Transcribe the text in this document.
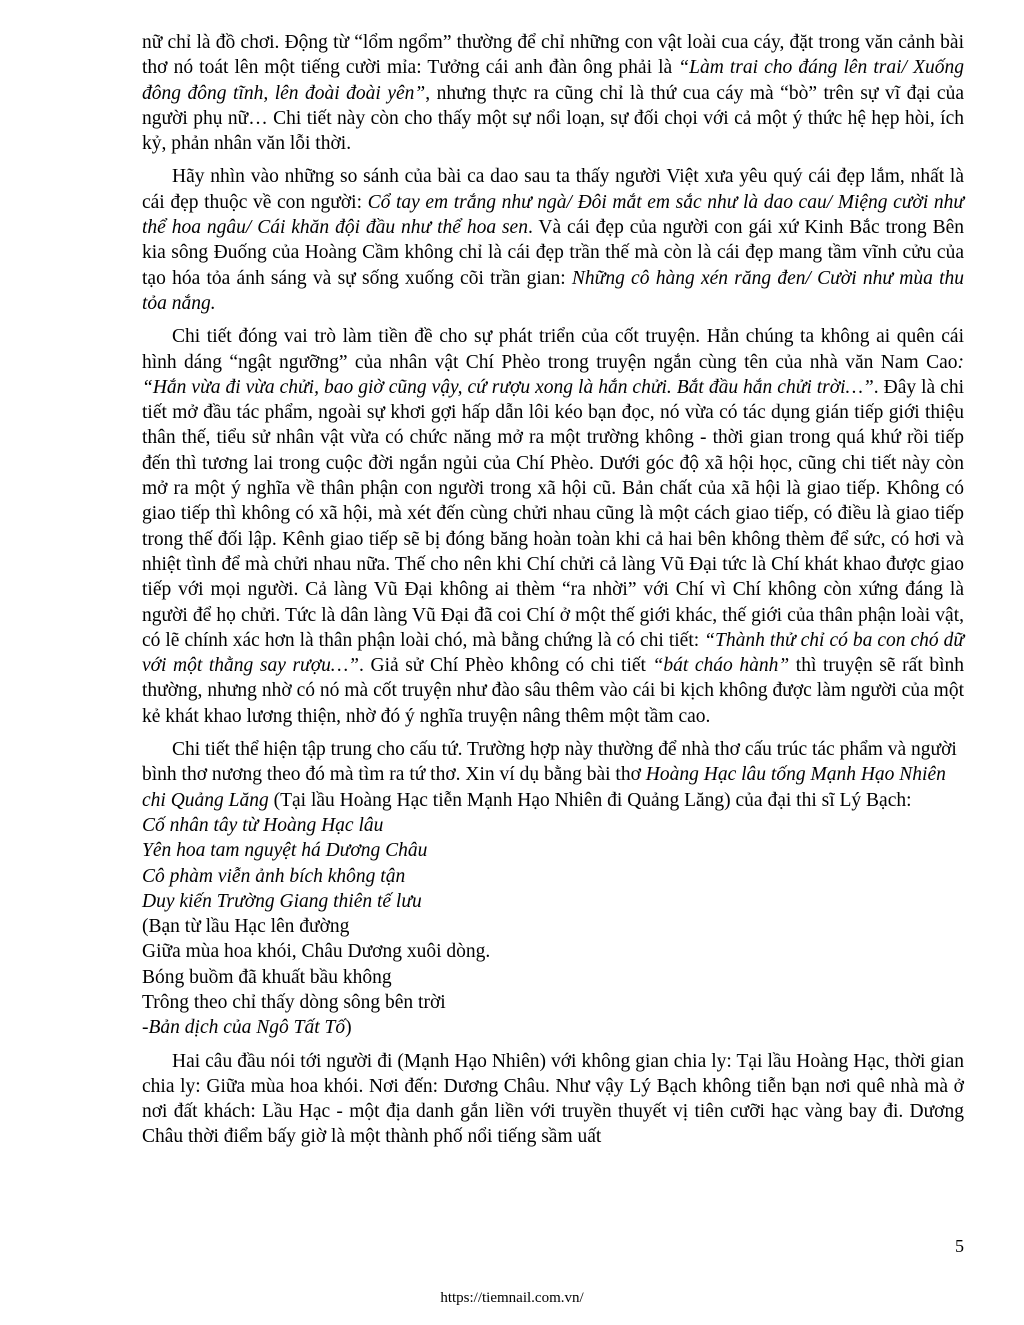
nữ chỉ là đồ chơi. Động từ “lổm ngổm” thường để chỉ những con vật loài cua cáy, đặt trong văn cảnh bài thơ nó toát lên một tiếng cười mỉa: Tưởng cái anh đàn ông phải là “Làm trai cho đáng lên trai/ Xuống đông đông tĩnh, lên đoài đoài yên”, nhưng thực ra cũng chỉ là thứ cua cáy mà “bò” trên sự vĩ đại của người phụ nữ… Chi tiết này còn cho thấy một sự nổi loạn, sự đối chọi với cả một ý thức hệ hẹp hòi, ích kỷ, phản nhân văn lỗi thời.

Hãy nhìn vào những so sánh của bài ca dao sau ta thấy người Việt xưa yêu quý cái đẹp lắm, nhất là cái đẹp thuộc về con người: Cổ tay em trắng như ngà/ Đôi mắt em sắc như là dao cau/ Miệng cười như thể hoa ngâu/ Cái khăn đội đầu như thể hoa sen. Và cái đẹp của người con gái xứ Kinh Bắc trong Bên kia sông Đuống của Hoàng Cầm không chỉ là cái đẹp trần thế mà còn là cái đẹp mang tầm vĩnh cửu của tạo hóa tỏa ánh sáng và sự sống xuống cõi trần gian: Những cô hàng xén răng đen/ Cười như mùa thu tỏa nắng.

Chi tiết đóng vai trò làm tiền đề cho sự phát triển của cốt truyện. Hẳn chúng ta không ai quên cái hình dáng “ngật ngưỡng” của nhân vật Chí Phèo trong truyện ngắn cùng tên của nhà văn Nam Cao: “Hắn vừa đi vừa chửi, bao giờ cũng vậy, cứ rượu xong là hắn chửi. Bắt đầu hắn chửi trời…”. Đây là chi tiết mở đầu tác phẩm, ngoài sự khơi gợi hấp dẫn lôi kéo bạn đọc, nó vừa có tác dụng gián tiếp giới thiệu thân thế, tiểu sử nhân vật vừa có chức năng mở ra một trường không - thời gian trong quá khứ rồi tiếp đến thì tương lai trong cuộc đời ngắn ngủi của Chí Phèo. Dưới góc độ xã hội học, cũng chi tiết này còn mở ra một ý nghĩa về thân phận con người trong xã hội cũ. Bản chất của xã hội là giao tiếp. Không có giao tiếp thì không có xã hội, mà xét đến cùng chửi nhau cũng là một cách giao tiếp, có điều là giao tiếp trong thế đối lập. Kênh giao tiếp sẽ bị đóng băng hoàn toàn khi cả hai bên không thèm để sức, có hơi và nhiệt tình để mà chửi nhau nữa. Thế cho nên khi Chí chửi cả làng Vũ Đại tức là Chí khát khao được giao tiếp với mọi người. Cả làng Vũ Đại không ai thèm “ra nhời” với Chí vì Chí không còn xứng đáng là người để họ chửi. Tức là dân làng Vũ Đại đã coi Chí ở một thế giới khác, thế giới của thân phận loài vật, có lẽ chính xác hơn là thân phận loài chó, mà bằng chứng là có chi tiết: “Thành thử chỉ có ba con chó dữ với một thằng say rượu…”. Giả sử Chí Phèo không có chi tiết “bát cháo hành” thì truyện sẽ rất bình thường, nhưng nhờ có nó mà cốt truyện như đào sâu thêm vào cái bi kịch không được làm người của một kẻ khát khao lương thiện, nhờ đó ý nghĩa truyện nâng thêm một tầm cao.

Chi tiết thể hiện tập trung cho cấu tứ. Trường hợp này thường để nhà thơ cấu trúc tác phẩm và người bình thơ nương theo đó mà tìm ra tứ thơ. Xin ví dụ bằng bài thơ Hoàng Hạc lâu tống Mạnh Hạo Nhiên chi Quảng Lăng (Tại lầu Hoàng Hạc tiễn Mạnh Hạo Nhiên đi Quảng Lăng) của đại thi sĩ Lý Bạch:
Cố nhân tây từ Hoàng Hạc lâu
Yên hoa tam nguyệt há Dương Châu
Cô phàm viễn ảnh bích không tận
Duy kiến Trường Giang thiên tế lưu
(Bạn từ lầu Hạc lên đường
Giữa mùa hoa khói, Châu Dương xuôi dòng.
Bóng buồm đã khuất bầu không
Trông theo chỉ thấy dòng sông bên trời
-Bản dịch của Ngô Tất Tố)

Hai câu đầu nói tới người đi (Mạnh Hạo Nhiên) với không gian chia ly: Tại lầu Hoàng Hạc, thời gian chia ly: Giữa mùa hoa khói. Nơi đến: Dương Châu. Như vậy Lý Bạch không tiễn bạn nơi quê nhà mà ở nơi đất khách: Lầu Hạc - một địa danh gắn liền với truyền thuyết vị tiên cưỡi hạc vàng bay đi. Dương Châu thời điểm bấy giờ là một thành phố nổi tiếng sầm uất

5
https://tiemnail.com.vn/
